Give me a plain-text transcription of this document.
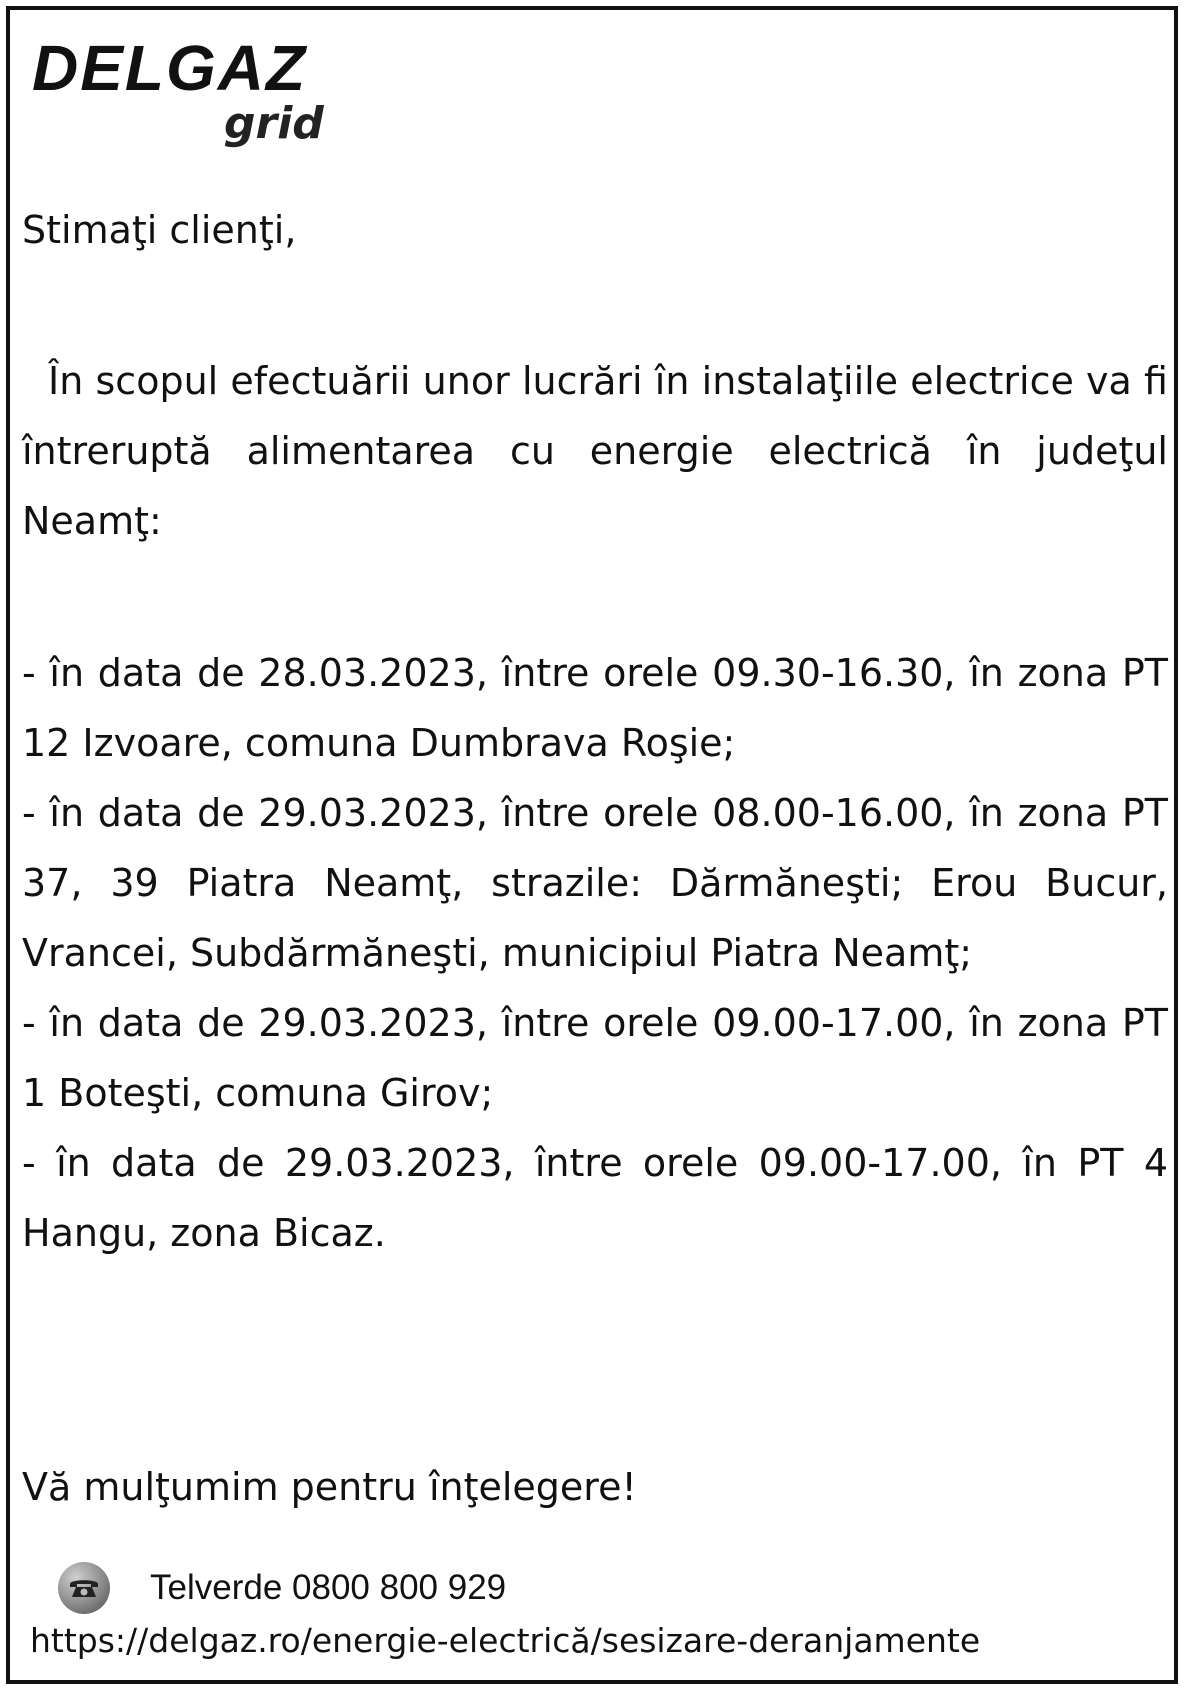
DELGAZ
grid
Stimaţi clienţi,
În scopul efectuării unor lucrări în instalaţiile electrice va fi întreruptă alimentarea cu energie electrică în judeţul Neamţ:

- în data de 28.03.2023, între orele 09.30-16.30, în zona PT 12 Izvoare, comuna Dumbrava Roşie;

- în data de 29.03.2023, între orele 08.00-16.00, în zona PT 37, 39 Piatra Neamţ, strazile: Dărmăneşti; Erou Bucur, Vrancei, Subdărmăneşti, municipiul Piatra Neamţ;

- în data de 29.03.2023, între orele 09.00-17.00, în zona PT 1 Boteşti, comuna Girov;

- în data de 29.03.2023, între orele 09.00-17.00, în PT 4 Hangu, zona Bicaz.

Vă mulţumim pentru înţelegere!
Telverde 0800 800 929
https://delgaz.ro/energie-electrică/sesizare-deranjamente
